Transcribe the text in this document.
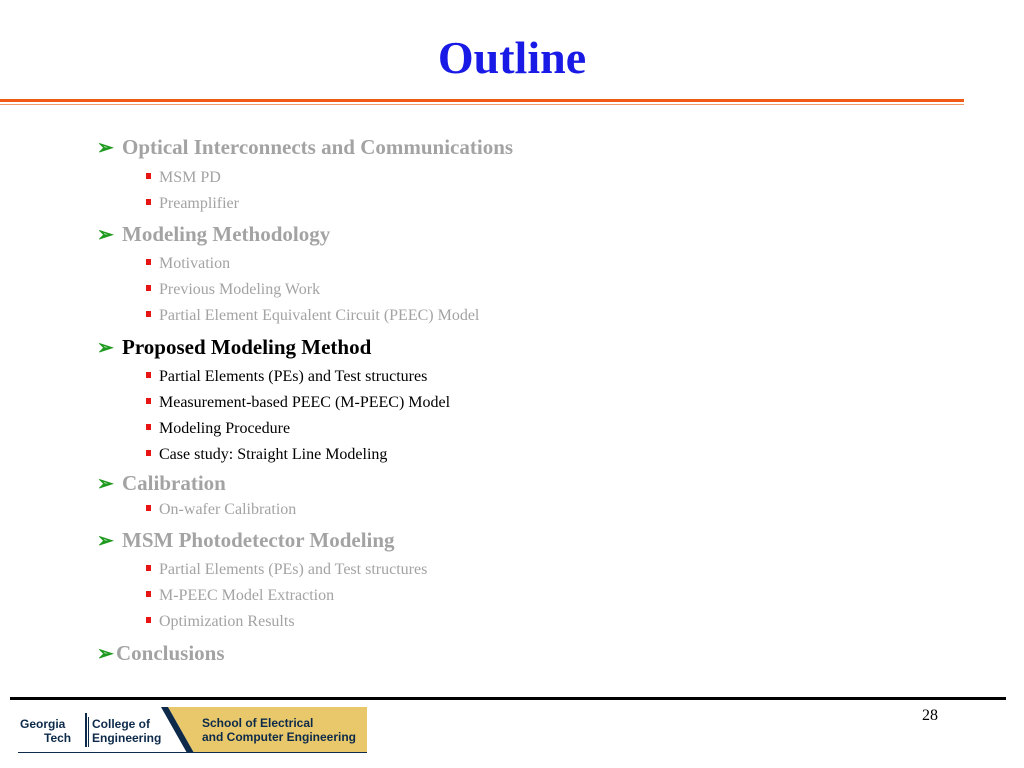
Outline
➢ Optical Interconnects and Communications
MSM PD
Preamplifier
➢ Modeling Methodology
Motivation
Previous Modeling Work
Partial Element Equivalent Circuit (PEEC) Model
➢ Proposed Modeling Method
Partial Elements (PEs) and Test structures
Measurement-based PEEC (M-PEEC) Model
Modeling Procedure
Case study: Straight Line Modeling
➢ Calibration
On-wafer Calibration
➢ MSM Photodetector Modeling
Partial Elements (PEs) and Test structures
M-PEEC Model Extraction
Optimization Results
➢ Conclusions
28
Georgia
Tech
College of
Engineering
School of Electrical
and Computer Engineering
